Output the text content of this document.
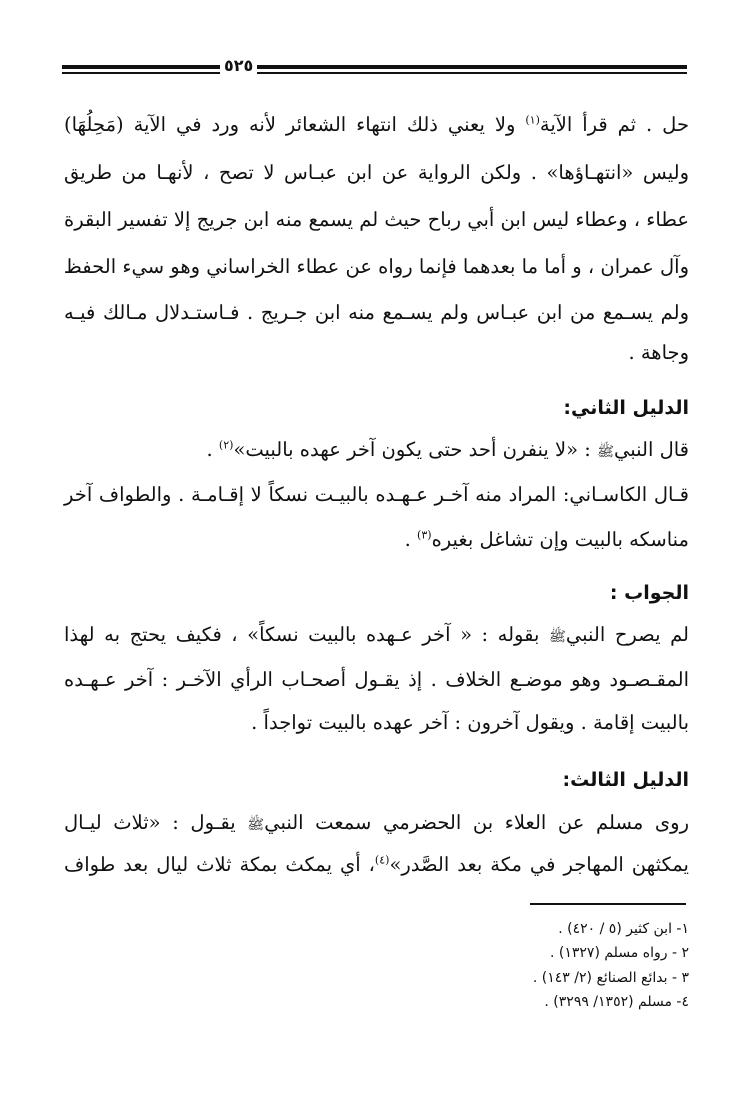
٥٢٥
حل . ثم قرأ الآية$^{(١)}$ ولا يعني ذلك انتهاء الشعائر لأنه ورد في الآية (مَحِلُهَا)
وليس «انتهـاؤها» . ولكن الرواية عن ابن عبـاس لا تصح ، لأنهـا من طريق
عطاء ، وعطاء ليس ابن أبي رباح حيث لم يسمع منه ابن جريج إلا تفسير البقرة
وآل عمران ، و أما ما بعدهما فإنما رواه عن عطاء الخراساني وهو سيء الحفظ
ولم يسـمع من ابن عبـاس ولم يسـمع منه ابن جـريج . فـاستـدلال مـالك فيـه
وجاهة .
الدليل الثاني:
قال النبيﷺ : «لا ينفرن أحد حتى يكون آخر عهده بالبيت»$^{(٢)}$ .
قـال الكاسـاني: المراد منه آخـر عـهـده بالبيـت نسكاً لا إقـامـة . والطواف آخر
مناسكه بالبيت وإن تشاغل بغيره$^{(٣)}$ .
الجواب :
لم يصرح النبيﷺ بقوله : « آخر عـهده بالبيت نسكاً» ، فكيف يحتج به لهذا
المقـصـود وهو موضـع الخلاف . إذ يقـول أصحـاب الرأي الآخـر : آخر عـهـده
بالبيت إقامة . ويقول آخرون : آخر عهده بالبيت تواجداً .
الدليل الثالث:
روى مسلم عن العلاء بن الحضرمي سمعت النبيﷺ يقـول : «ثلاث ليـال
يمكثهن المهاجر في مكة بعد الصَّدر»$^{(٤)}$، أي يمكث بمكة ثلاث ليال بعد طواف
١- ابن كثير (٥ / ٤٢٠) .
٢ - رواه مسلم (١٣٢٧) .
٣ - بدائع الصنائع (٢/ ١٤٣) .
٤- مسلم (١٣٥٢/ ٣٢٩٩) .
